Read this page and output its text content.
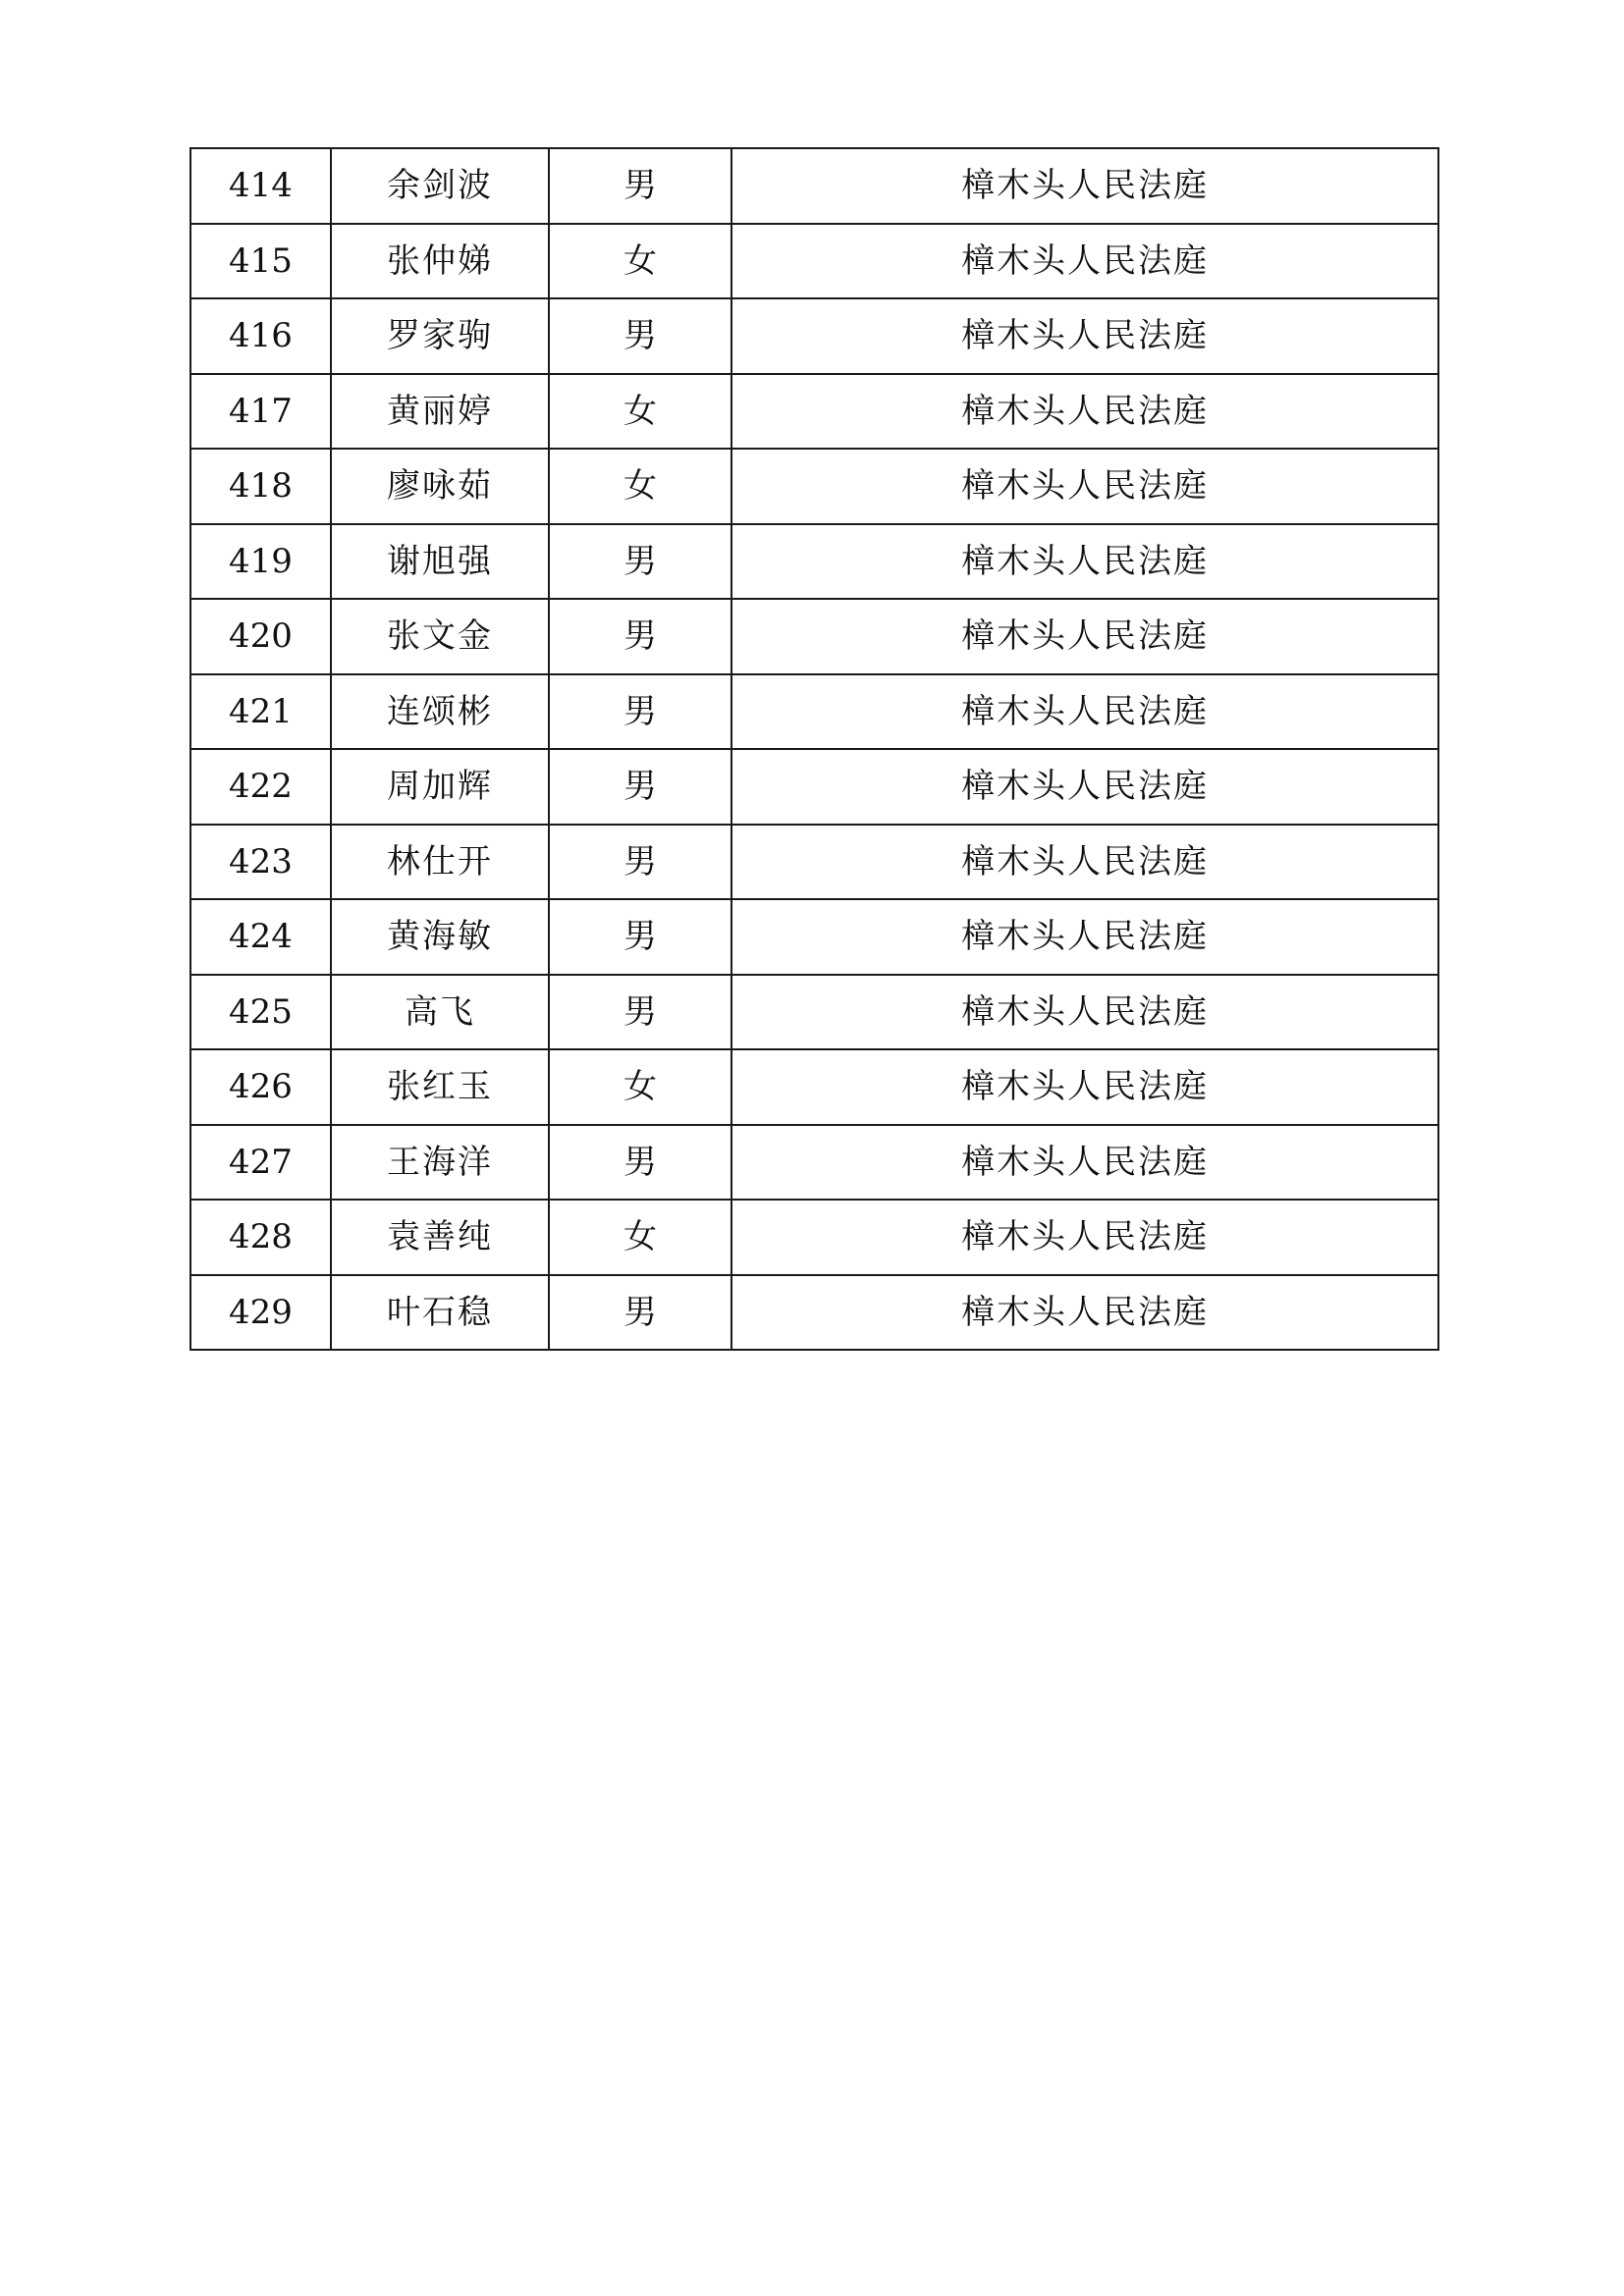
414	余剑波	男	樟木头人民法庭
415	张仲娣	女	樟木头人民法庭
416	罗家驹	男	樟木头人民法庭
417	黄丽婷	女	樟木头人民法庭
418	廖咏茹	女	樟木头人民法庭
419	谢旭强	男	樟木头人民法庭
420	张文金	男	樟木头人民法庭
421	连颂彬	男	樟木头人民法庭
422	周加辉	男	樟木头人民法庭
423	林仕开	男	樟木头人民法庭
424	黄海敏	男	樟木头人民法庭
425	高飞	男	樟木头人民法庭
426	张红玉	女	樟木头人民法庭
427	王海洋	男	樟木头人民法庭
428	袁善纯	女	樟木头人民法庭
429	叶石稳	男	樟木头人民法庭
